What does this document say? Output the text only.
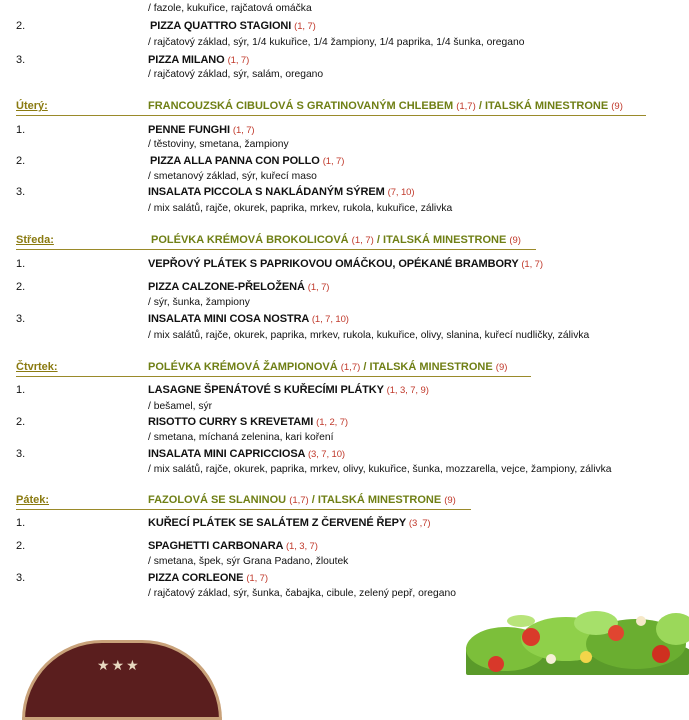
/ fazole, kukuřice, rajčatová omáčka
2.	PIZZA QUATTRO STAGIONI (1, 7)
/ rajčatový základ, sýr, 1/4 kukuřice, 1/4 žampiony, 1/4 paprika, 1/4 šunka, oregano
3.	PIZZA MILANO (1, 7)
/ rajčatový základ, sýr, salám, oregano
Úterý:	FRANCOUZSKÁ CIBULOVÁ S GRATINOVANÝM CHLEBEM (1,7) / ITALSKÁ MINESTRONE (9)
1.	PENNE FUNGHI (1, 7)
/ těstoviny, smetana, žampiony
2.	PIZZA ALLA PANNA CON POLLO (1, 7)
/ smetanový základ, sýr, kuřecí maso
3.	INSALATA PICCOLA S NAKLÁDANÝM SÝREM (7, 10)
/ mix salátů, rajče, okurek, paprika, mrkev, rukola, kukuřice, zálivka
Středa:	POLÉVKA KRÉMOVÁ BROKOLICOVÁ (1, 7) / ITALSKÁ MINESTRONE (9)
1.	VEPŘOVÝ PLÁTEK S PAPRIKOVOU OMÁČKOU, OPÉKANÉ BRAMBORY (1, 7)
2.	PIZZA CALZONE-PŘELOŽENÁ (1, 7)
/ sýr, šunka, žampiony
3.	INSALATA MINI COSA NOSTRA (1, 7, 10)
/ mix salátů, rajče, okurek, paprika, mrkev, rukola, kukuřice, olivy, slanina, kuřecí nudličky, zálivka
Čtvrtek:	POLÉVKA KRÉMOVÁ ŽAMPIONOVÁ (1,7) / ITALSKÁ MINESTRONE (9)
1.	LASAGNE ŠPENÁTOVÉ S KUŘECÍMI PLÁTKY (1, 3, 7, 9)
/ bešamel, sýr
2.	RISOTTO CURRY S KREVETAMI (1, 2, 7)
/ smetana, míchaná zelenina, kari koření
3.	INSALATA MINI CAPRICCIOSA (3, 7, 10)
/ mix salátů, rajče, okurek, paprika, mrkev, olivy, kukuřice, šunka, mozzarella, vejce, žampiony, zálivka
Pátek:	FAZOLOVÁ SE SLANINOU (1,7) / ITALSKÁ MINESTRONE (9)
1.	KUŘECÍ PLÁTEK SE SALÁTEM Z ČERVENÉ ŘEPY (3 ,7)
2.	SPAGHETTI CARBONARA (1, 3, 7)
/ smetana, špek, sýr Grana Padano, žloutek
3.	PIZZA CORLEONE (1, 7)
/ rajčatový základ, sýr, šunka, čabajka, cibule, zelený pepř, oregano
★★★
